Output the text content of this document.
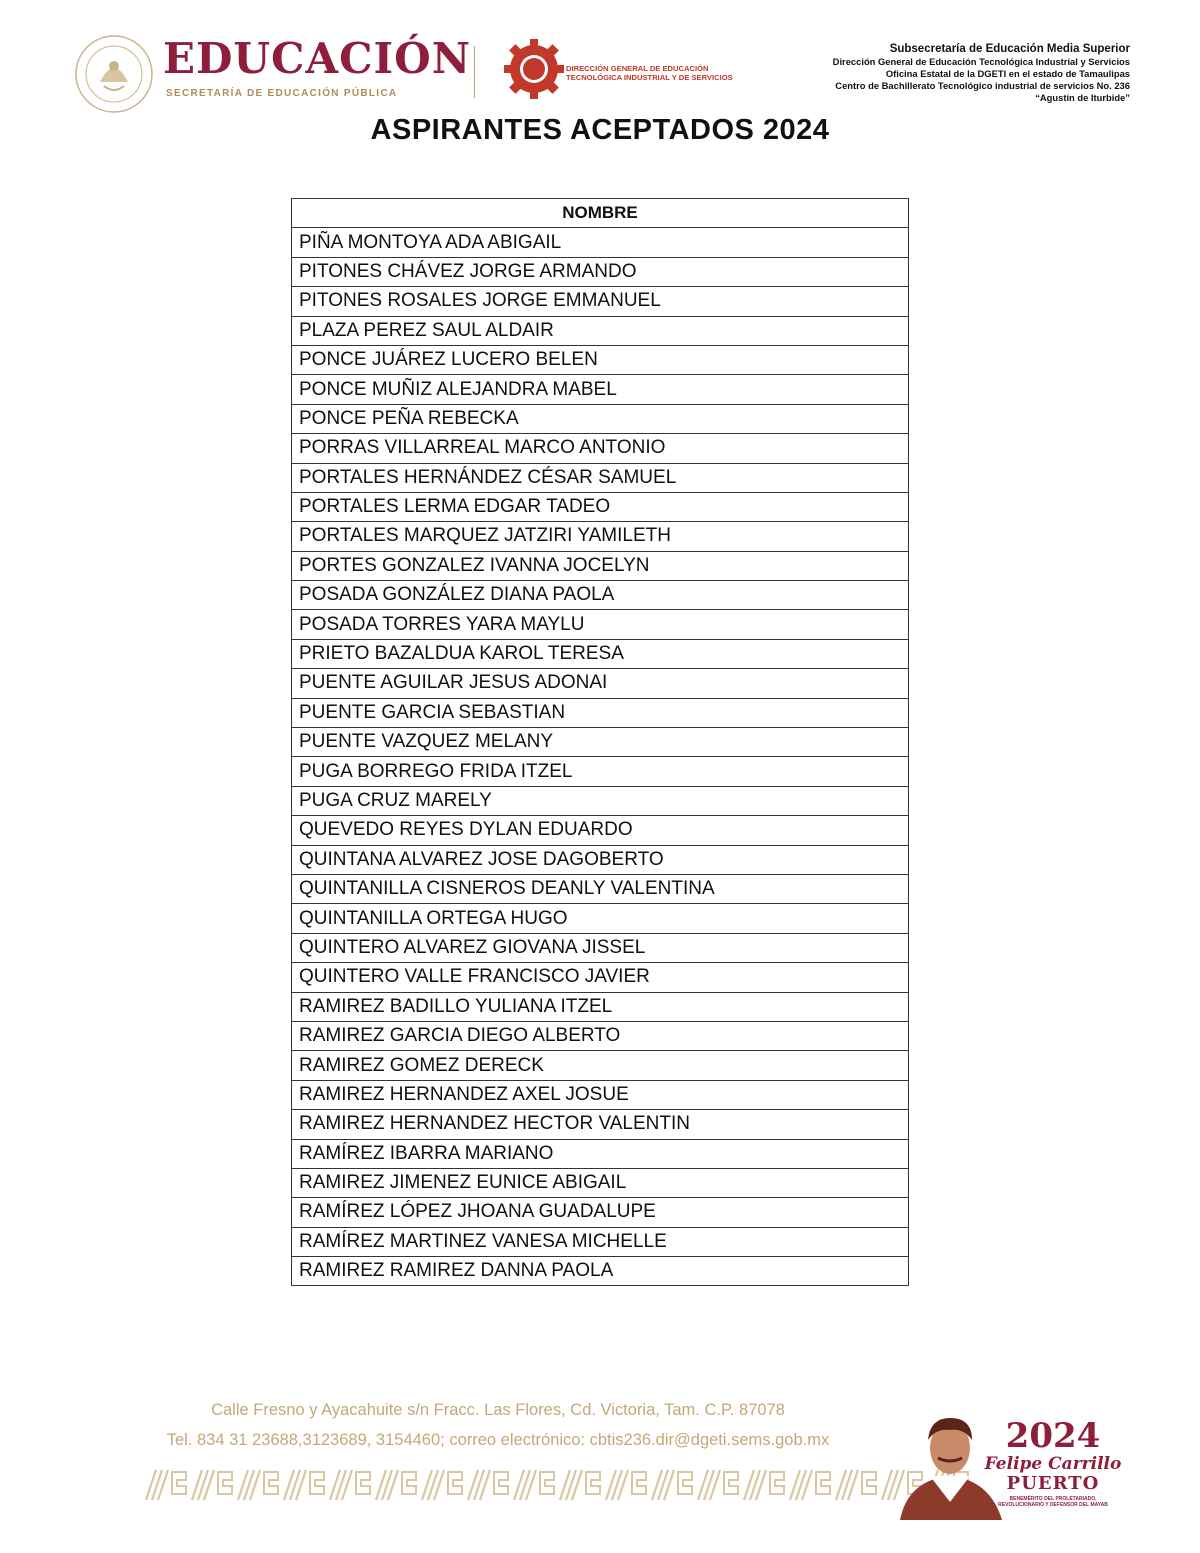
EDUCACIÓN
SECRETARÍA DE EDUCACIÓN PÚBLICA
DIRECCIÓN GENERAL DE EDUCACIÓN
TECNOLÓGICA INDUSTRIAL Y DE SERVICIOS
Subsecretaría de Educación Media Superior
Dirección General de Educación Tecnológica Industrial y Servicios
Oficina Estatal de la DGETI en el estado de Tamaulipas
Centro de Bachillerato Tecnológico industrial de servicios No. 236
“Agustín de Iturbide”
ASPIRANTES ACEPTADOS 2024
NOMBRE
PIÑA MONTOYA ADA ABIGAIL
PITONES CHÁVEZ JORGE ARMANDO
PITONES ROSALES JORGE EMMANUEL
PLAZA PEREZ SAUL ALDAIR
PONCE JUÁREZ LUCERO BELEN
PONCE MUÑIZ ALEJANDRA MABEL
PONCE PEÑA REBECKA
PORRAS VILLARREAL MARCO ANTONIO
PORTALES HERNÁNDEZ CÉSAR SAMUEL
PORTALES LERMA EDGAR TADEO
PORTALES MARQUEZ JATZIRI YAMILETH
PORTES GONZALEZ IVANNA JOCELYN
POSADA GONZÁLEZ DIANA PAOLA
POSADA TORRES YARA MAYLU
PRIETO BAZALDUA KAROL TERESA
PUENTE AGUILAR JESUS ADONAI
PUENTE GARCIA SEBASTIAN
PUENTE VAZQUEZ MELANY
PUGA BORREGO FRIDA ITZEL
PUGA CRUZ MARELY
QUEVEDO REYES DYLAN EDUARDO
QUINTANA ALVAREZ JOSE DAGOBERTO
QUINTANILLA CISNEROS DEANLY VALENTINA
QUINTANILLA ORTEGA HUGO
QUINTERO ALVAREZ GIOVANA JISSEL
QUINTERO VALLE FRANCISCO JAVIER
RAMIREZ BADILLO YULIANA ITZEL
RAMIREZ GARCIA DIEGO ALBERTO
RAMIREZ GOMEZ DERECK
RAMIREZ HERNANDEZ AXEL JOSUE
RAMIREZ HERNANDEZ HECTOR VALENTIN
RAMÍREZ IBARRA MARIANO
RAMIREZ JIMENEZ EUNICE ABIGAIL
RAMÍREZ LÓPEZ JHOANA GUADALUPE
RAMÍREZ MARTINEZ VANESA MICHELLE
RAMIREZ RAMIREZ DANNA PAOLA
Calle Fresno y Ayacahuite s/n Fracc. Las Flores, Cd. Victoria, Tam. C.P. 87078
Tel. 834 31 23688,3123689, 3154460; correo electrónico: cbtis236.dir@dgeti.sems.gob.mx	2024
Felipe Carrillo
PUERTO
BENEMÉRITO DEL PROLETARIADO, REVOLUCIONARIO Y DEFENSOR DEL MAYAB
